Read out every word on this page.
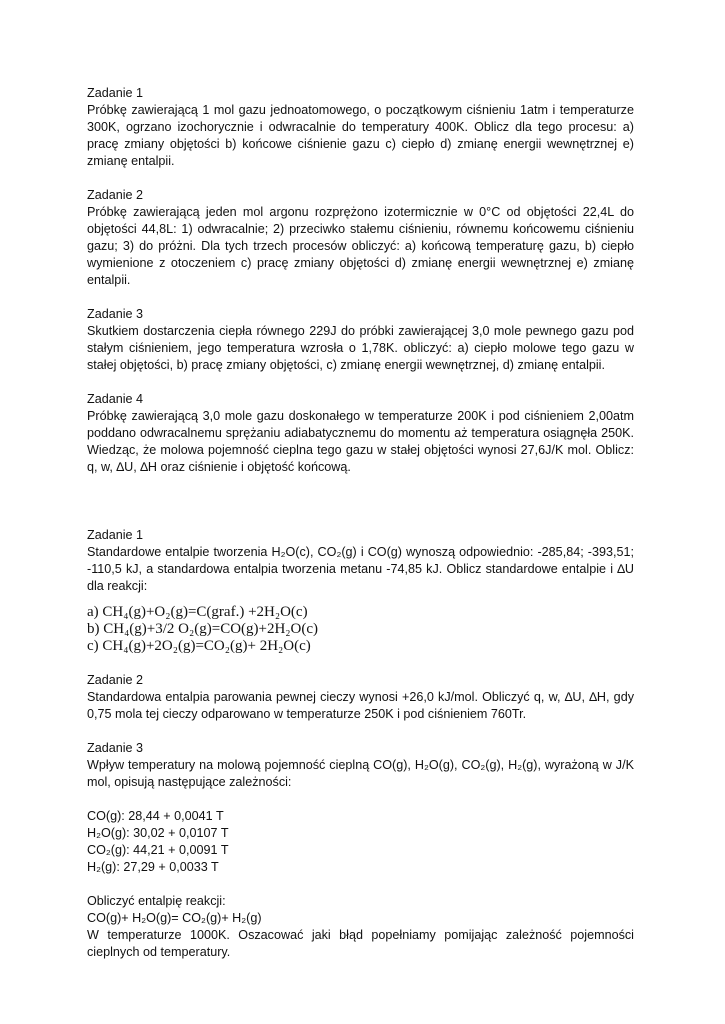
Zadanie 1

Próbkę zawierającą 1 mol gazu jednoatomowego, o początkowym ciśnieniu 1atm i temperaturze 300K, ogrzano izochorycznie i odwracalnie do temperatury 400K. Oblicz dla tego procesu: a) pracę zmiany objętości b) końcowe ciśnienie gazu c) ciepło d) zmianę energii wewnętrznej e) zmianę entalpii.

Zadanie 2

Próbkę zawierającą jeden mol argonu rozprężono izotermicznie w 0°C od objętości 22,4L do objętości 44,8L: 1) odwracalnie; 2) przeciwko stałemu ciśnieniu, równemu końcowemu ciśnieniu gazu; 3) do próżni. Dla tych trzech procesów obliczyć: a) końcową temperaturę gazu, b) ciepło wymienione z otoczeniem c) pracę zmiany objętości d) zmianę energii wewnętrznej e) zmianę entalpii.

Zadanie 3

Skutkiem dostarczenia ciepła równego 229J do próbki zawierającej 3,0 mole pewnego gazu pod stałym ciśnieniem, jego temperatura wzrosła o 1,78K. obliczyć: a) ciepło molowe tego gazu w stałej objętości, b) pracę zmiany objętości, c) zmianę energii wewnętrznej, d) zmianę entalpii.

Zadanie 4

Próbkę zawierającą 3,0 mole gazu doskonałego w temperaturze 200K i pod ciśnieniem 2,00atm poddano odwracalnemu sprężaniu adiabatycznemu do momentu aż temperatura osiągnęła 250K. Wiedząc, że molowa pojemność cieplna tego gazu w stałej objętości wynosi 27,6J/K mol. Oblicz: q, w, ∆U, ∆H oraz ciśnienie i objętość końcową.

Zadanie 1

Standardowe entalpie tworzenia H₂O(c), CO₂(g) i CO(g) wynoszą odpowiednio: -285,84; -393,51; -110,5 kJ, a standardowa entalpia tworzenia metanu -74,85 kJ. Oblicz standardowe entalpie i ∆U dla reakcji:

a) CH₄(g)+O₂(g)=C(graf.) +2H₂O(c)

b) CH₄(g)+3/2 O₂(g)=CO(g)+2H₂O(c)

c) CH₄(g)+2O₂(g)=CO₂(g)+ 2H₂O(c)

Zadanie 2

Standardowa entalpia parowania pewnej cieczy wynosi +26,0 kJ/mol. Obliczyć q, w, ∆U, ∆H, gdy 0,75 mola tej cieczy odparowano w temperaturze 250K i pod ciśnieniem 760Tr.

Zadanie 3

Wpływ temperatury na molową pojemność cieplną CO(g), H₂O(g), CO₂(g), H₂(g), wyrażoną w J/K mol, opisują następujące zależności:

CO(g): 28,44 + 0,0041 T

H₂O(g): 30,02 + 0,0107 T

CO₂(g): 44,21 + 0,0091 T

H₂(g): 27,29 + 0,0033 T

Obliczyć entalpię reakcji:

CO(g)+ H₂O(g)= CO₂(g)+ H₂(g)

W temperaturze 1000K. Oszacować jaki błąd popełniamy pomijając zależność pojemności cieplnych od temperatury.
